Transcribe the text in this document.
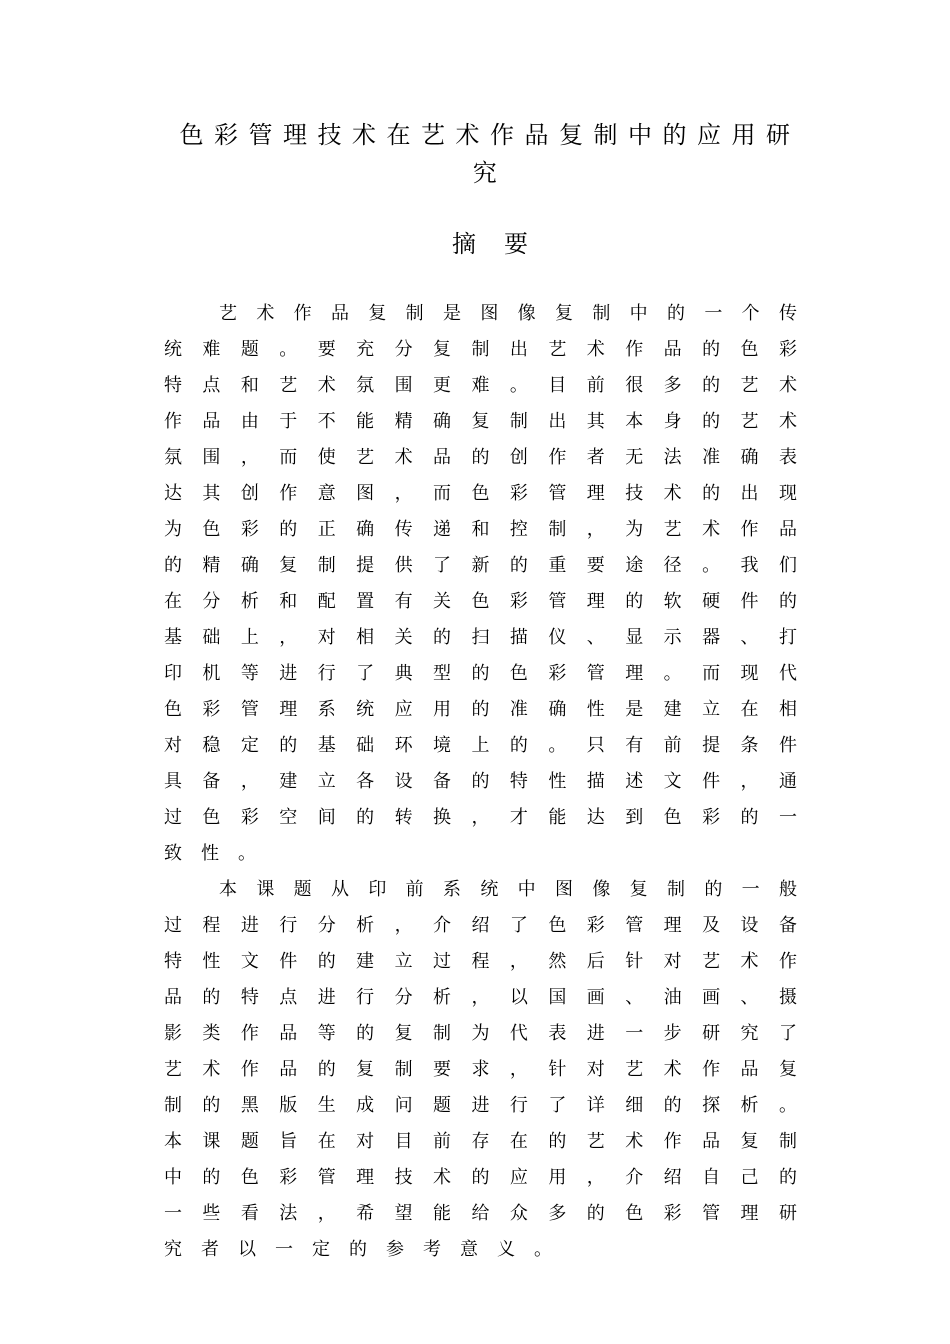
色彩管理技术在艺术作品复制中的应用研究
摘要

艺术作品复制是图像复制中的一个传统难题。要充分复制出艺术作品的色彩特点和艺术氛围更难。目前很多的艺术作品由于不能精确复制出其本身的艺术氛围，而使艺术品的创作者无法准确表达其创作意图，而色彩管理技术的出现为色彩的正确传递和控制，为艺术作品的精确复制提供了新的重要途径。我们在分析和配置有关色彩管理的软硬件的基础上，对相关的扫描仪、显示器、打印机等进行了典型的色彩管理。而现代色彩管理系统应用的准确性是建立在相对稳定的基础环境上的。只有前提条件具备，建立各设备的特性描述文件，通过色彩空间的转换，才能达到色彩的一致性。

本课题从印前系统中图像复制的一般过程进行分析，介绍了色彩管理及设备特性文件的建立过程，然后针对艺术作品的特点进行分析，以国画、油画、摄影类作品等的复制为代表进一步研究了艺术作品的复制要求，针对艺术作品复制的黑版生成问题进行了详细的探析。本课题旨在对目前存在的艺术作品复制中的色彩管理技术的应用，介绍自己的一些看法，希望能给众多的色彩管理研究者以一定的参考意义。
